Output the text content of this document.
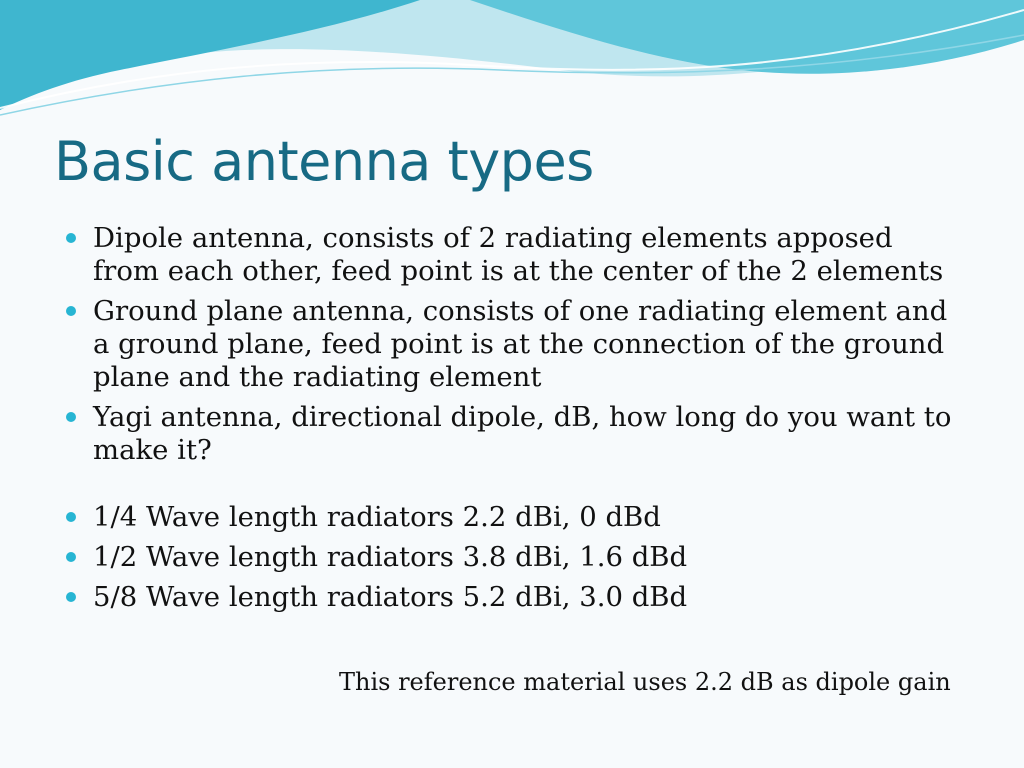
Basic antenna types
Dipole antenna, consists of 2 radiating elements apposed from each other, feed point is at the center of the 2 elements
Ground plane antenna, consists of one radiating element and a ground plane, feed point is at the connection of the ground plane and the radiating element
Yagi antenna, directional dipole, dB, how long do you want to make it?
1/4 Wave length radiators 2.2 dBi, 0 dBd
1/2 Wave length radiators 3.8 dBi, 1.6 dBd
5/8 Wave length radiators 5.2 dBi, 3.0 dBd
This reference material uses 2.2 dB as dipole gain
